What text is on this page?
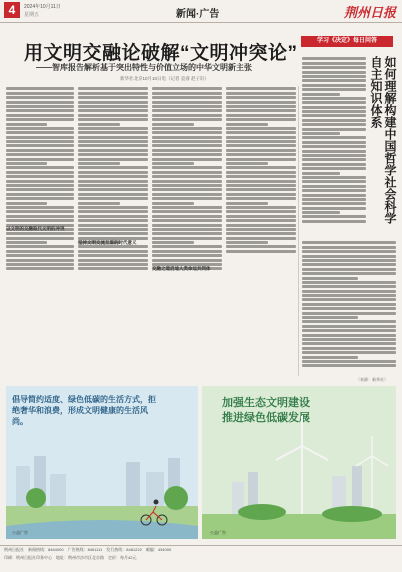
4	2024年10月11日
星期五	新闻·广告	荆州日报
用文明交融论破解“文明冲突论”
——智库报告解析基于突出特性与价值立场的中华文明新主张
新华社北京10月10日电（记者 袁睿 赵子轩）
以文明的交融取代文明的冲突
坚持文明交流互鉴的时代意义
交融之道启迪人类命运共同体
学习《决定》每日问答
如何理解构建中国哲学社会科学自主知识体系
（来源：新华社）
倡导简约适度、绿色低碳的生活方式，拒绝奢华和浪费，形成文明健康的生活风尚。
公益广告
加强生态文明建设 推进绿色低碳发展
公益广告
荆州日报社　新闻热线：8464000　广告热线：8461111　发行热线：8461222　邮编：434000
印刷：荆州日报社印务中心　地址：荆州市沙市区北京路　定价：每月42元
